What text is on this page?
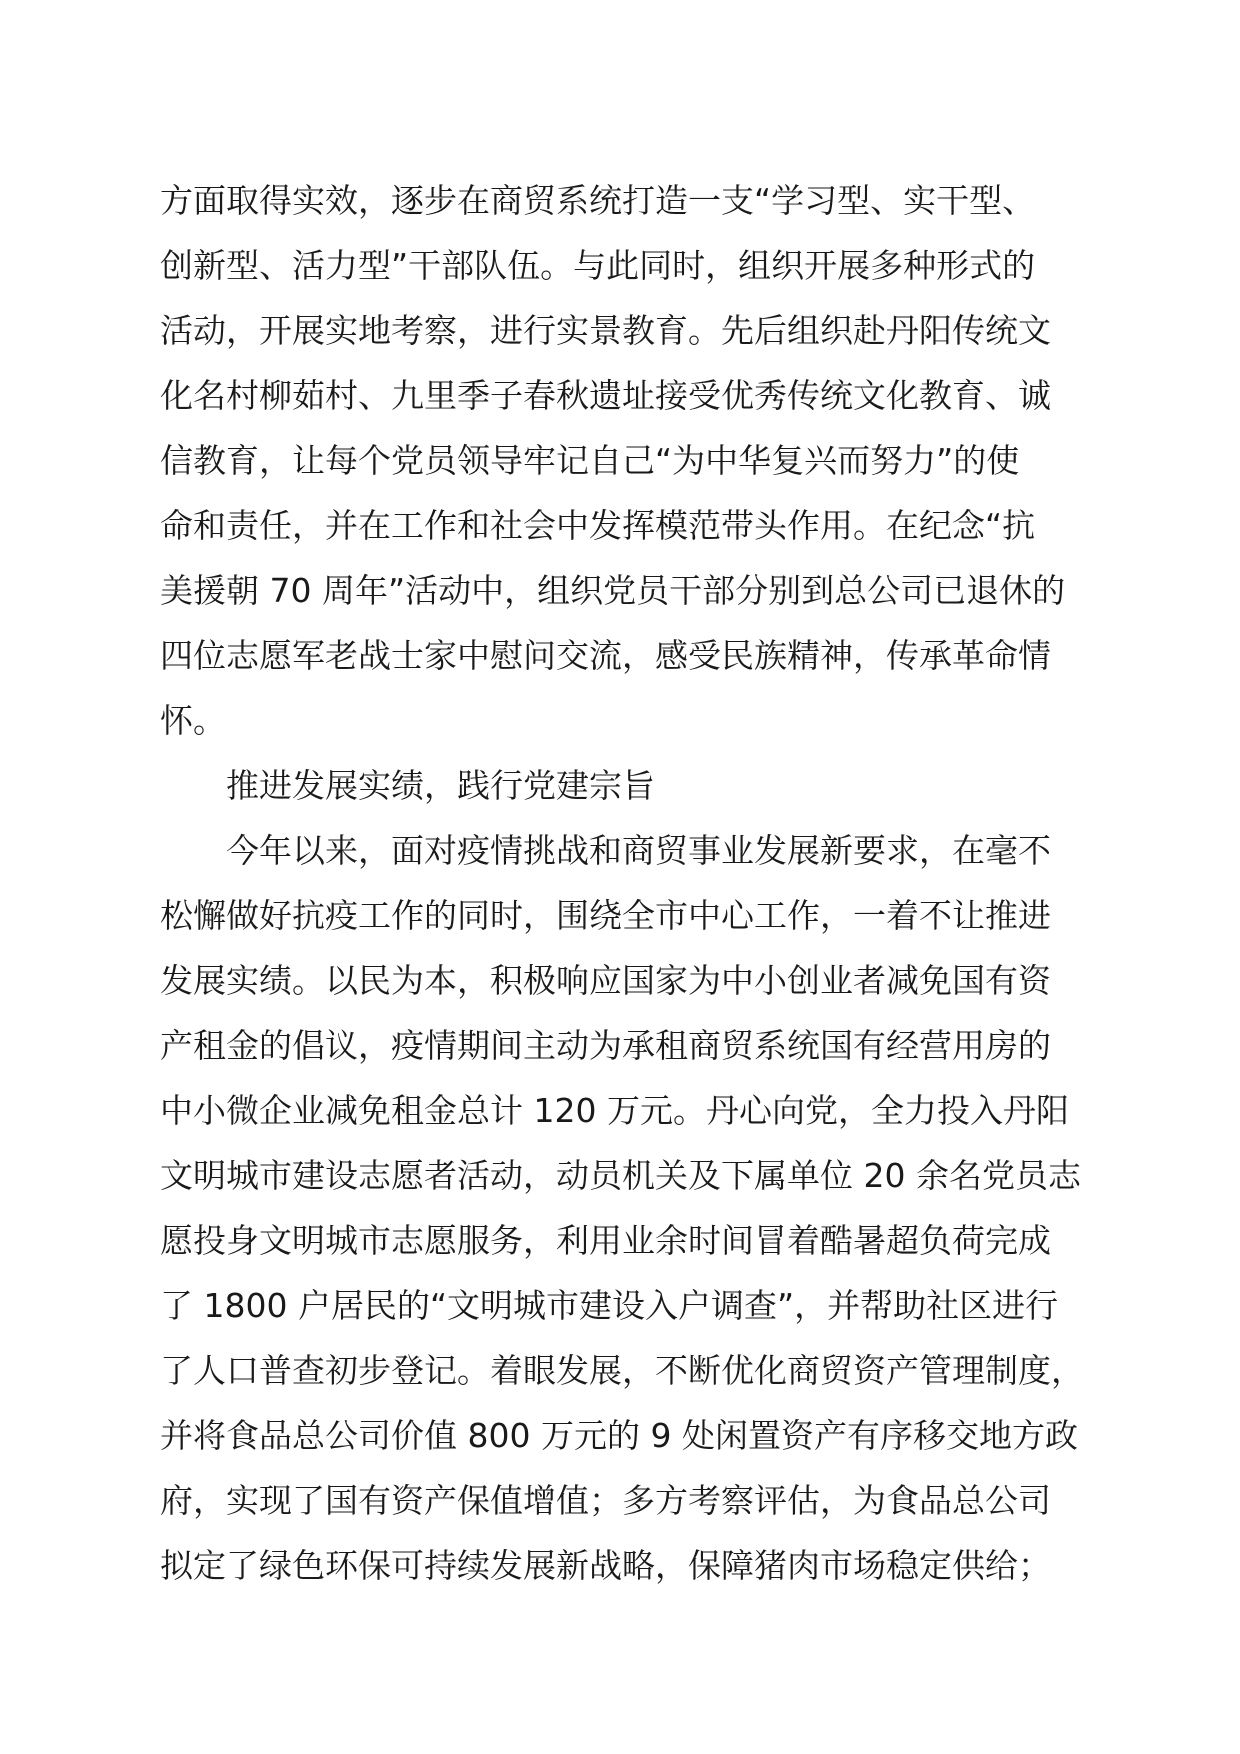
方面取得实效，逐步在商贸系统打造一支“学习型、实干型、

创新型、活力型”干部队伍。与此同时，组织开展多种形式的

活动，开展实地考察，进行实景教育。先后组织赴丹阳传统文

化名村柳茹村、九里季子春秋遗址接受优秀传统文化教育、诚

信教育，让每个党员领导牢记自己“为中华复兴而努力”的使

命和责任，并在工作和社会中发挥模范带头作用。在纪念“抗

美援朝 70 周年”活动中，组织党员干部分别到总公司已退休的

四位志愿军老战士家中慰问交流，感受民族精神，传承革命情

怀。

推进发展实绩，践行党建宗旨

今年以来，面对疫情挑战和商贸事业发展新要求，在毫不

松懈做好抗疫工作的同时，围绕全市中心工作，一着不让推进

发展实绩。以民为本，积极响应国家为中小创业者减免国有资

产租金的倡议，疫情期间主动为承租商贸系统国有经营用房的

中小微企业减免租金总计 120 万元。丹心向党，全力投入丹阳

文明城市建设志愿者活动，动员机关及下属单位 20 余名党员志

愿投身文明城市志愿服务，利用业余时间冒着酷暑超负荷完成

了 1800 户居民的“文明城市建设入户调查”，并帮助社区进行

了人口普查初步登记。着眼发展，不断优化商贸资产管理制度，

并将食品总公司价值 800 万元的 9 处闲置资产有序移交地方政

府，实现了国有资产保值增值；多方考察评估，为食品总公司

拟定了绿色环保可持续发展新战略，保障猪肉市场稳定供给；
